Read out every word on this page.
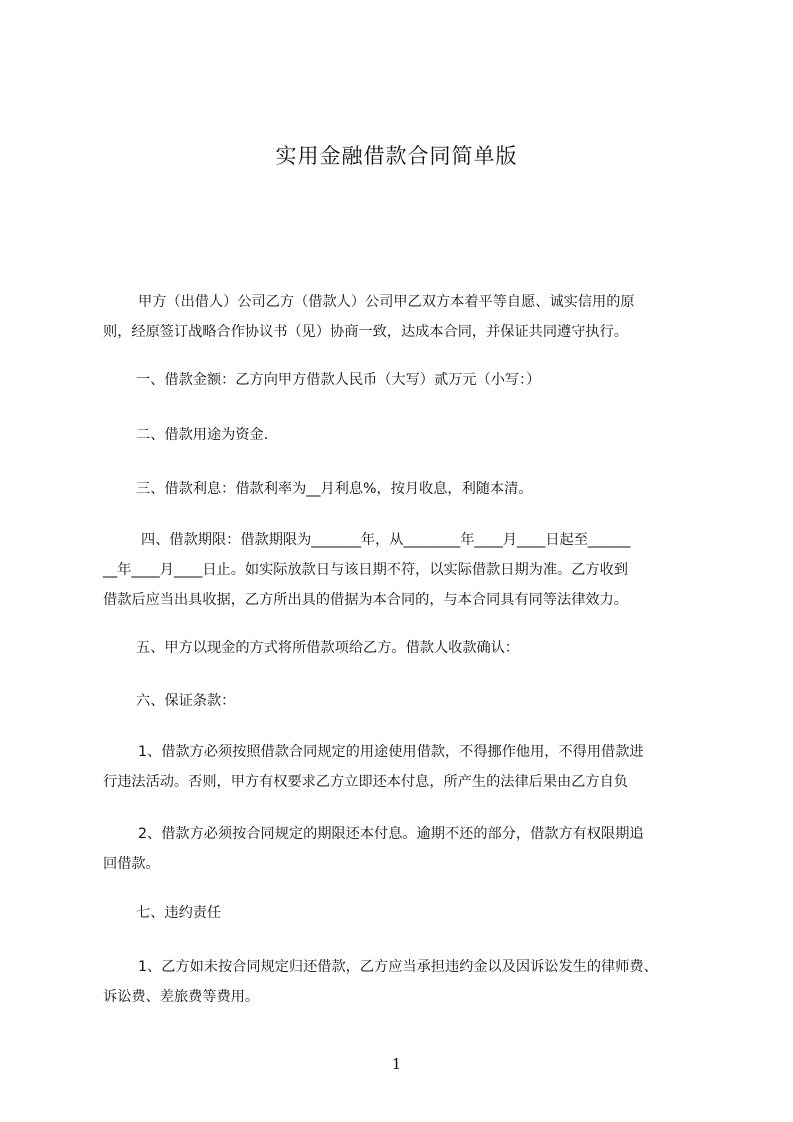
实用金融借款合同简单版
甲方（出借人）公司乙方（借款人）公司甲乙双方本着平等自愿、诚实信用的原
则，经原签订战略合作协议书（见）协商一致，达成本合同，并保证共同遵守执行。
一、借款金额：乙方向甲方借款人民币（大写）贰万元（小写：）
二、借款用途为资金.
三、借款利息：借款利率为__月利息%，按月收息，利随本清。
四、借款期限：借款期限为_______年，从________年____月____日起至______
__年____月____日止。如实际放款日与该日期不符，以实际借款日期为准。乙方收到
借款后应当出具收据，乙方所出具的借据为本合同的，与本合同具有同等法律效力。
五、甲方以现金的方式将所借款项给乙方。借款人收款确认：
六、保证条款：
1、借款方必须按照借款合同规定的用途使用借款，不得挪作他用，不得用借款进
行违法活动。否则，甲方有权要求乙方立即还本付息，所产生的法律后果由乙方自负
2、借款方必须按合同规定的期限还本付息。逾期不还的部分，借款方有权限期追
回借款。
七、违约责任
1、乙方如未按合同规定归还借款，乙方应当承担违约金以及因诉讼发生的律师费、
诉讼费、差旅费等费用。
1
